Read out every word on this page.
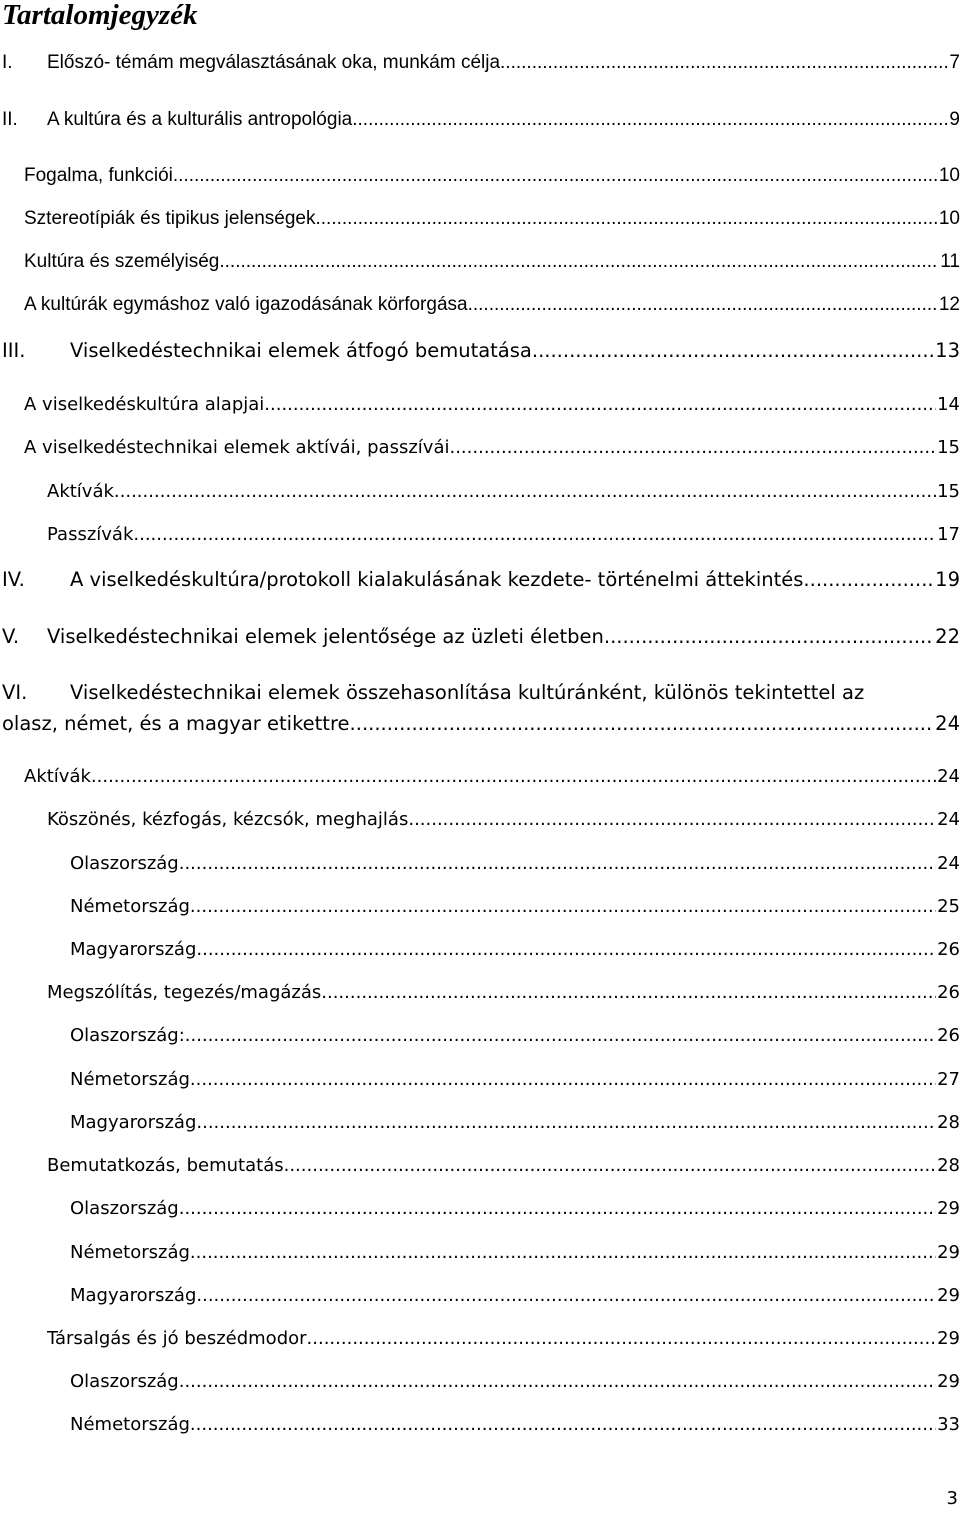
Tartalomjegyzék
I.	Előszó- témám megválasztásának oka, munkám célja .....	7
II.	A kultúra és a kulturális antropológia .....	9
Fogalma, funkciói .....	10
Sztereotípiák és tipikus jelenségek .....	10
Kultúra és személyiség .....	11
A kultúrák egymáshoz való igazodásának körforgása .....	12
III.	Viselkedéstechnikai elemek átfogó bemutatása .....	13
A viselkedéskultúra alapjai .....	14
A viselkedéstechnikai elemek aktívái, passzívái .....	15
Aktívák .....	15
Passzívák .....	17
IV.	A viselkedéskultúra/protokoll kialakulásának kezdete- történelmi áttekintés .....	19
V.	Viselkedéstechnikai elemek jelentősége az üzleti életben .....	22
VI. Viselkedéstechnikai elemek összehasonlítása kultúránként, különös tekintettel az
olasz, német, és a magyar etikettre .....	24
Aktívák .....	24
Köszönés, kézfogás, kézcsók, meghajlás .....	24
Olaszország .....	24
Németország .....	25
Magyarország .....	26
Megszólítás, tegezés/magázás .....	26
Olaszország: .....	26
Németország .....	27
Magyarország .....	28
Bemutatkozás, bemutatás .....	28
Olaszország .....	29
Németország .....	29
Magyarország .....	29
Társalgás és jó beszédmodor .....	29
Olaszország .....	29
Németország .....	33
3
